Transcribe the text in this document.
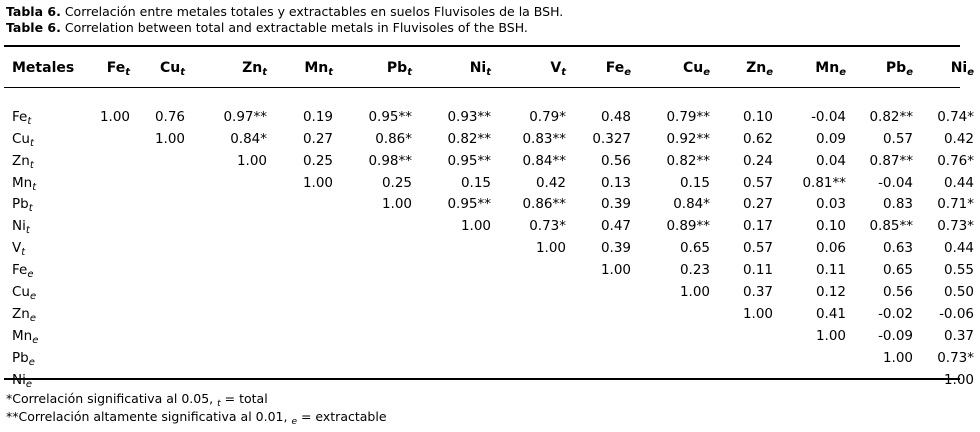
Tabla 6. Correlación entre metales totales y extractables en suelos Fluvisoles de la BSH.
Table 6. Correlation between total and extractable metals in Fluvisoles of the BSH.
Metales	$Fe_t$	$Cu_t$	$Zn_t$	$Mn_t$	$Pb_t$	$Ni_t$	$V_t$	$Fe_e$	$Cu_e$	$Zn_e$	$Mn_e$	$Pb_e$	$Ni_e$

$Fe_t$	1.00	0.76	0.97**	0.19	0.95**	0.93**	0.79*	0.48	0.79**	0.10	-0.04	0.82**	0.74*
$Cu_t$		1.00	0.84*	0.27	0.86*	0.82**	0.83**	0.327	0.92**	0.62	0.09	0.57	0.42
$Zn_t$			1.00	0.25	0.98**	0.95**	0.84**	0.56	0.82**	0.24	0.04	0.87**	0.76*
$Mn_t$				1.00	0.25	0.15	0.42	0.13	0.15	0.57	0.81**	-0.04	0.44
$Pb_t$					1.00	0.95**	0.86**	0.39	0.84*	0.27	0.03	0.83	0.71*
$Ni_t$						1.00	0.73*	0.47	0.89**	0.17	0.10	0.85**	0.73*
$V_t$							1.00	0.39	0.65	0.57	0.06	0.63	0.44
$Fe_e$								1.00	0.23	0.11	0.11	0.65	0.55
$Cu_e$									1.00	0.37	0.12	0.56	0.50
$Zn_e$										1.00	0.41	-0.02	-0.06
$Mn_e$											1.00	-0.09	0.37
$Pb_e$												1.00	0.73*
$Ni_e$													1.00
*Correlación significativa al 0.05, $_t$ = total
**Correlación altamente significativa al 0.01, $_e$ = extractable
